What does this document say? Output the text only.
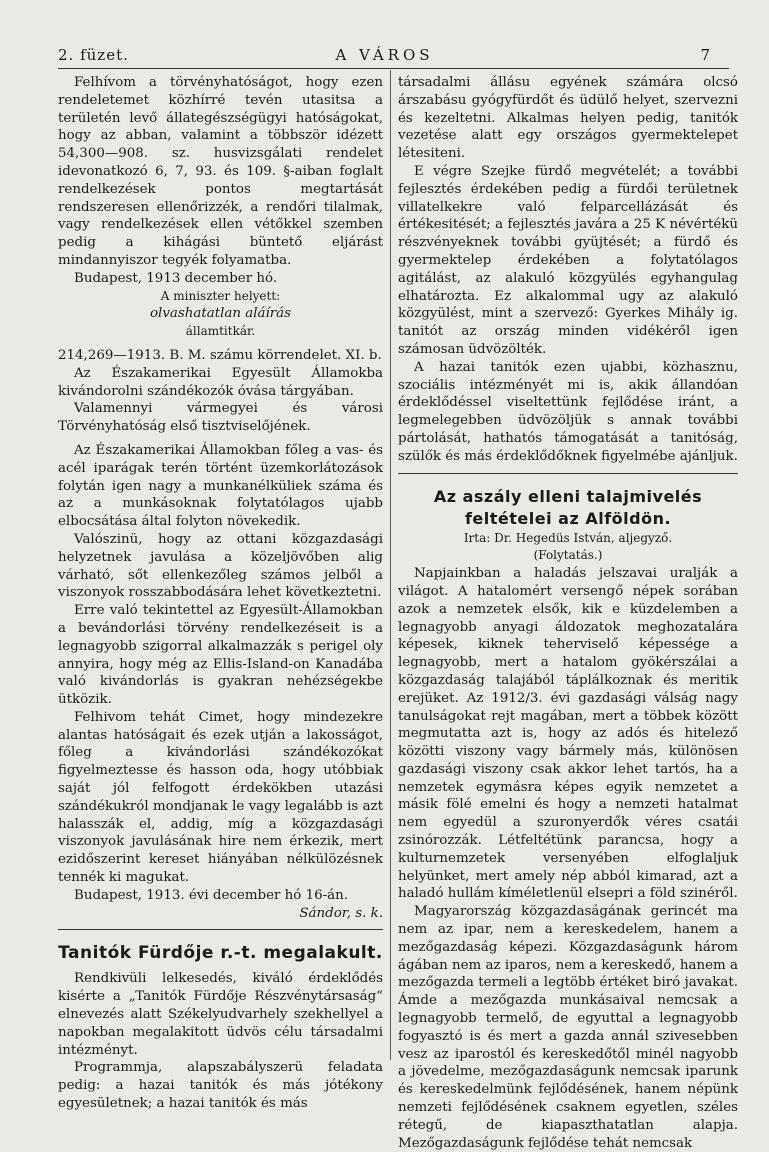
2. füzet.	A VÁROS	7

Felhívom a törvényhatóságot, hogy ezen rendeletemet közhírré tevén utasitsa a területén levő állategészségügyi hatóságokat, hogy az abban, valamint a többször idézett 54,300—908. sz. husvizsgálati rendelet idevonatkozó 6, 7, 93. és 109. §-aiban foglalt rendelkezések pontos megtartását rendszeresen ellenőrizzék, a rendőri tilalmak, vagy rendelkezések ellen vétőkkel szemben pedig a kihágási büntető eljárást mindannyiszor tegyék folyamatba.

Budapest, 1913 december hó.

A miniszter helyett:

olvashatatlan aláírás

államtitkár.

214,269—1913. B. M. számu körrendelet. XI. b.

Az Északamerikai Egyesült Államokba kivándorolni szándékozók óvása tárgyában.

Valamennyi vármegyei és városi Törvényhatóság első tisztviselőjének.

Az Északamerikai Államokban főleg a vas- és acél iparágak terén történt üzemkorlátozások folytán igen nagy a munkanélküliek száma és az a munkásoknak folytatólagos ujabb elbocsátása által folyton növekedik.

Valószinü, hogy az ottani közgazdasági helyzetnek javulása a közeljövőben alig várható, sőt ellenkezőleg számos jelből a viszonyok rosszabbodására lehet következtetni.

Erre való tekintettel az Egyesült-Államokban a bevándorlási törvény rendelkezéseit is a legnagyobb szigorral alkalmazzák s perigel oly annyira, hogy még az Ellis-Island-on Kanadába való kivándorlás is gyakran nehézségekbe ütközik.

Felhivom tehát Cimet, hogy mindezekre alantas hatóságait és ezek utján a lakosságot, főleg a kivándorlási szándékozókat figyelmeztesse és hasson oda, hogy utóbbiak saját jól felfogott érdekökben utazási szándékukról mondjanak le vagy legalább is azt halasszák el, addig, míg a közgazdasági viszonyok javulásának hire nem érkezik, mert ezidőszerint kereset hiányában nélkülözésnek tennék ki magukat.

Budapest, 1913. évi december hó 16-án.

Sándor, s. k.

Tanitók Fürdője r.-t. megalakult.

Rendkivüli lelkesedés, kiváló érdeklődés kisérte a „Tanitók Fürdője Részvénytársaság“ elnevezés alatt Székelyudvarhely szekhellyel a napokban megalakitott üdvös célu társadalmi intézményt.

Programmja, alapszabályszerü feladata pedig: a hazai tanitók és más jótékony egyesületnek; a hazai tanitók és más

társadalmi állásu egyének számára olcsó árszabásu gyógyfürdőt és üdülő helyet, szervezni és kezeltetni. Alkalmas helyen pedig, tanitók vezetése alatt egy országos gyermektelepet létesiteni.

E végre Szejke fürdő megvételét; a további fejlesztés érdekében pedig a fürdői területnek villatelkekre való felparcellázását és értékesitését; a fejlesztés javára a 25 K névértékü részvényeknek további gyüjtését; a fürdő és gyermektelep érdekében a folytatólagos agitálást, az alakuló közgyülés egyhangulag elhatározta. Ez alkalommal ugy az alakuló közgyülést, mint a szervező: Gyerkes Mihály ig. tanitót az ország minden vidékéről igen számosan üdvözölték.

A hazai tanitók ezen ujabbi, közhasznu, szociális intézményét mi is, akik állandóan érdeklődéssel viseltettünk fejlődése iránt, a legmelegebben üdvözöljük s annak további pártolását, hathatós támogatását a tanitóság, szülők és más érdeklődőknek figyelmébe ajánljuk.

Az aszály elleni talajmivelés feltételei az Alföldön.

Irta: Dr. Hegedüs István, aljegyző.

(Folytatás.)

Napjainkban a haladás jelszavai uralják a világot. A hatalomért versengő népek sorában azok a nemzetek elsők, kik e küzdelemben a legnagyobb anyagi áldozatok meghozatalára képesek, kiknek teherviselő képessége a legnagyobb, mert a hatalom gyökérszálai a közgazdaság talajából táplálkoznak és meritik erejüket. Az 1912/3. évi gazdasági válság nagy tanulságokat rejt magában, mert a többek között megmutatta azt is, hogy az adós és hitelező közötti viszony vagy bármely más, különösen gazdasági viszony csak akkor lehet tartós, ha a nemzetek egymásra képes egyik nemzetet a másik fölé emelni és hogy a nemzeti hatalmat nem egyedül a szuronyerdők véres csatái zsinórozzák. Létfeltétünk parancsa, hogy a kulturnemzetek versenyében elfoglaljuk helyünket, mert amely nép abból kimarad, azt a haladó hullám kíméletlenül elsepri a föld szinéről.

Magyarország közgazdaságának gerincét ma nem az ipar, nem a kereskedelem, hanem a mezőgazdaság képezi. Közgazdaságunk három ágában nem az iparos, nem a kereskedő, hanem a mezőgazda termeli a legtöbb értéket biró javakat. Ámde a mezőgazda munkásaival nemcsak a legnagyobb termelő, de egyuttal a legnagyobb fogyasztó is és mert a gazda annál szivesebben vesz az iparostól és kereskedőtől minél nagyobb a jövedelme, mezőgazdaságunk nemcsak iparunk és kereskedelmünk fejlődésének, hanem népünk nemzeti fejlődésének csaknem egyetlen, széles rétegű, de kiapaszthatatlan alapja. Mezőgazdaságunk fejlődése tehát nemcsak
